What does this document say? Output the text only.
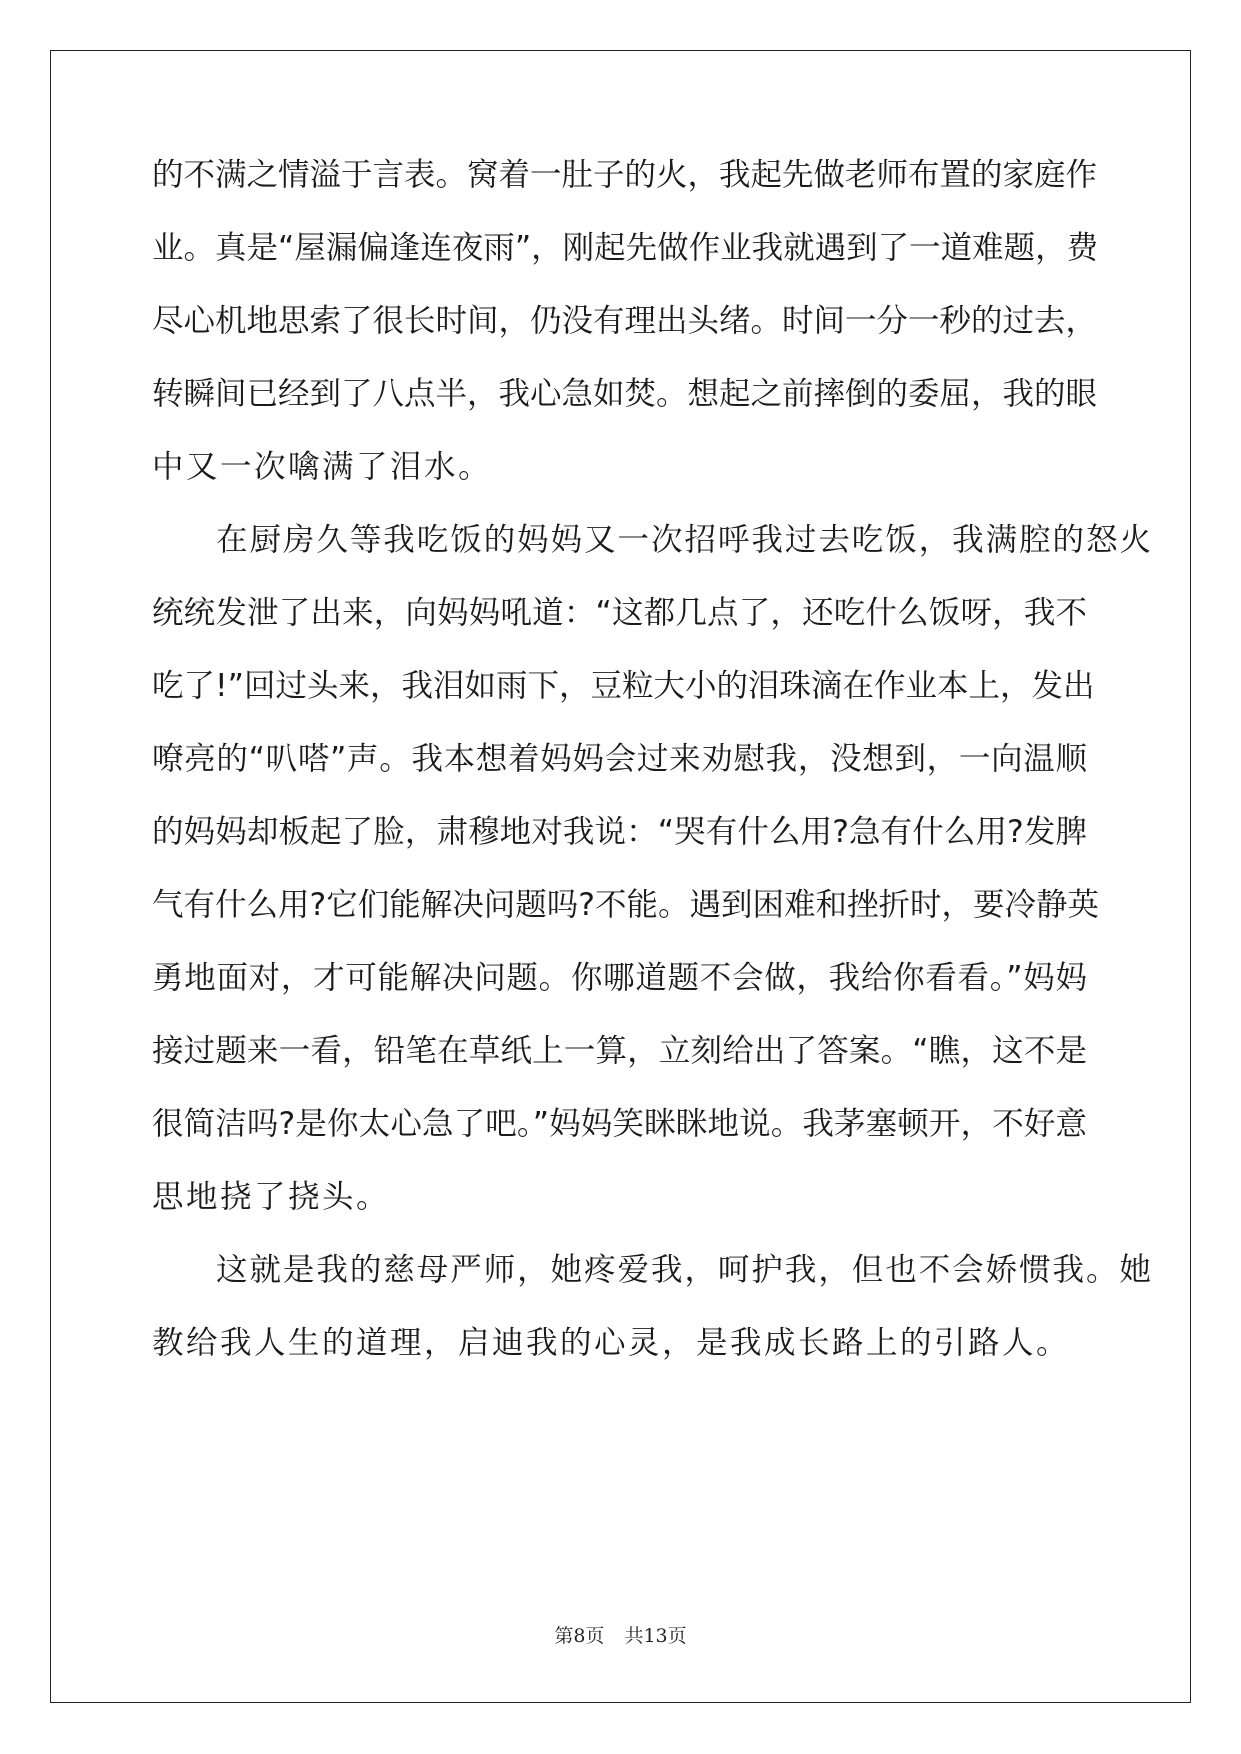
的不满之情溢于言表。窝着一肚子的火，我起先做老师布置的家庭作
业。真是“屋漏偏逢连夜雨”，刚起先做作业我就遇到了一道难题，费
尽心机地思索了很长时间，仍没有理出头绪。时间一分一秒的过去，
转瞬间已经到了八点半，我心急如焚。想起之前摔倒的委屈，我的眼
中又一次噙满了泪水。
在厨房久等我吃饭的妈妈又一次招呼我过去吃饭，我满腔的怒火
统统发泄了出来，向妈妈吼道：“这都几点了，还吃什么饭呀，我不
吃了!”回过头来，我泪如雨下，豆粒大小的泪珠滴在作业本上，发出
嘹亮的“叭嗒”声。我本想着妈妈会过来劝慰我，没想到，一向温顺
的妈妈却板起了脸，肃穆地对我说：“哭有什么用?急有什么用?发脾
气有什么用?它们能解决问题吗?不能。遇到困难和挫折时，要冷静英
勇地面对，才可能解决问题。你哪道题不会做，我给你看看。”妈妈
接过题来一看，铅笔在草纸上一算，立刻给出了答案。“瞧，这不是
很简洁吗?是你太心急了吧。”妈妈笑眯眯地说。我茅塞顿开，不好意
思地挠了挠头。
这就是我的慈母严师，她疼爱我，呵护我，但也不会娇惯我。她
教给我人生的道理，启迪我的心灵，是我成长路上的引路人。
第8页 共13页
